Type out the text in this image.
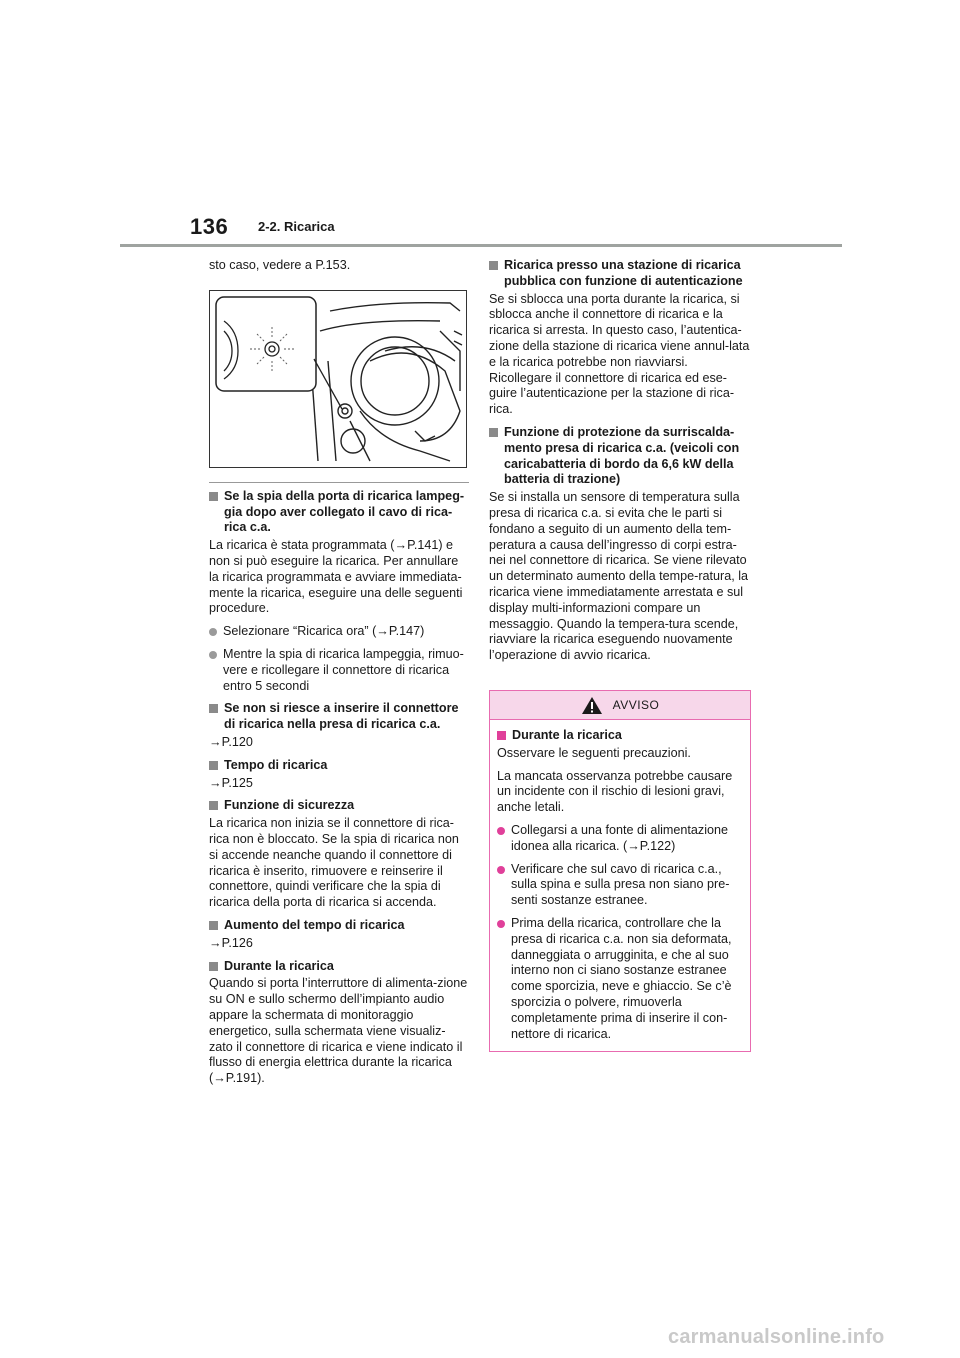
136 2-2. Ricarica

sto caso, vedere a P.153.

Se la spia della porta di ricarica lampeg-gia dopo aver collegato il cavo di rica-rica c.a.

La ricarica è stata programmata (→P.141) e non si può eseguire la ricarica. Per annullare la ricarica programmata e avviare immediata-mente la ricarica, eseguire una delle seguenti procedure.

Selezionare “Ricarica ora” (→P.147)
Mentre la spia di ricarica lampeggia, rimuo-vere e ricollegare il connettore di ricarica entro 5 secondi
Se non si riesce a inserire il connettore di ricarica nella presa di ricarica c.a.

→P.120

Tempo di ricarica

→P.125

Funzione di sicurezza

La ricarica non inizia se il connettore di rica-rica non è bloccato. Se la spia di ricarica non si accende neanche quando il connettore di ricarica è inserito, rimuovere e reinserire il connettore, quindi verificare che la spia di ricarica della porta di ricarica si accenda.

Aumento del tempo di ricarica

→P.126

Durante la ricarica

Quando si porta l’interruttore di alimenta-zione su ON e sullo schermo dell’impianto audio appare la schermata di monitoraggio energetico, sulla schermata viene visualiz-zato il connettore di ricarica e viene indicato il flusso di energia elettrica durante la ricarica (→P.191).

Ricarica presso una stazione di ricarica pubblica con funzione di autenticazione

Se si sblocca una porta durante la ricarica, si sblocca anche il connettore di ricarica e la ricarica si arresta. In questo caso, l’autentica-zione della stazione di ricarica viene annul-lata e la ricarica potrebbe non riavviarsi. Ricollegare il connettore di ricarica ed ese-guire l’autenticazione per la stazione di rica-rica.

Funzione di protezione da surriscalda-mento presa di ricarica c.a. (veicoli con caricabatteria di bordo da 6,6 kW della batteria di trazione)

Se si installa un sensore di temperatura sulla presa di ricarica c.a. si evita che le parti si fondano a seguito di un aumento della tem-peratura a causa dell’ingresso di corpi estra-nei nel connettore di ricarica. Se viene rilevato un determinato aumento della tempe-ratura, la ricarica viene immediatamente arrestata e sul display multi-informazioni compare un messaggio. Quando la tempera-tura scende, riavviare la ricarica eseguendo nuovamente l’operazione di avvio ricarica.

AVVISO
Durante la ricarica

Osservare le seguenti precauzioni.

La mancata osservanza potrebbe causare un incidente con il rischio di lesioni gravi, anche letali.

Collegarsi a una fonte di alimentazione idonea alla ricarica. (→P.122)
Verificare che sul cavo di ricarica c.a., sulla spina e sulla presa non siano pre-senti sostanze estranee.
Prima della ricarica, controllare che la presa di ricarica c.a. non sia deformata, danneggiata o arrugginita, e che al suo interno non ci siano sostanze estranee come sporcizia, neve e ghiaccio. Se c’è sporcizia o polvere, rimuoverla completamente prima di inserire il con-nettore di ricarica.
carmanualsonline.info
